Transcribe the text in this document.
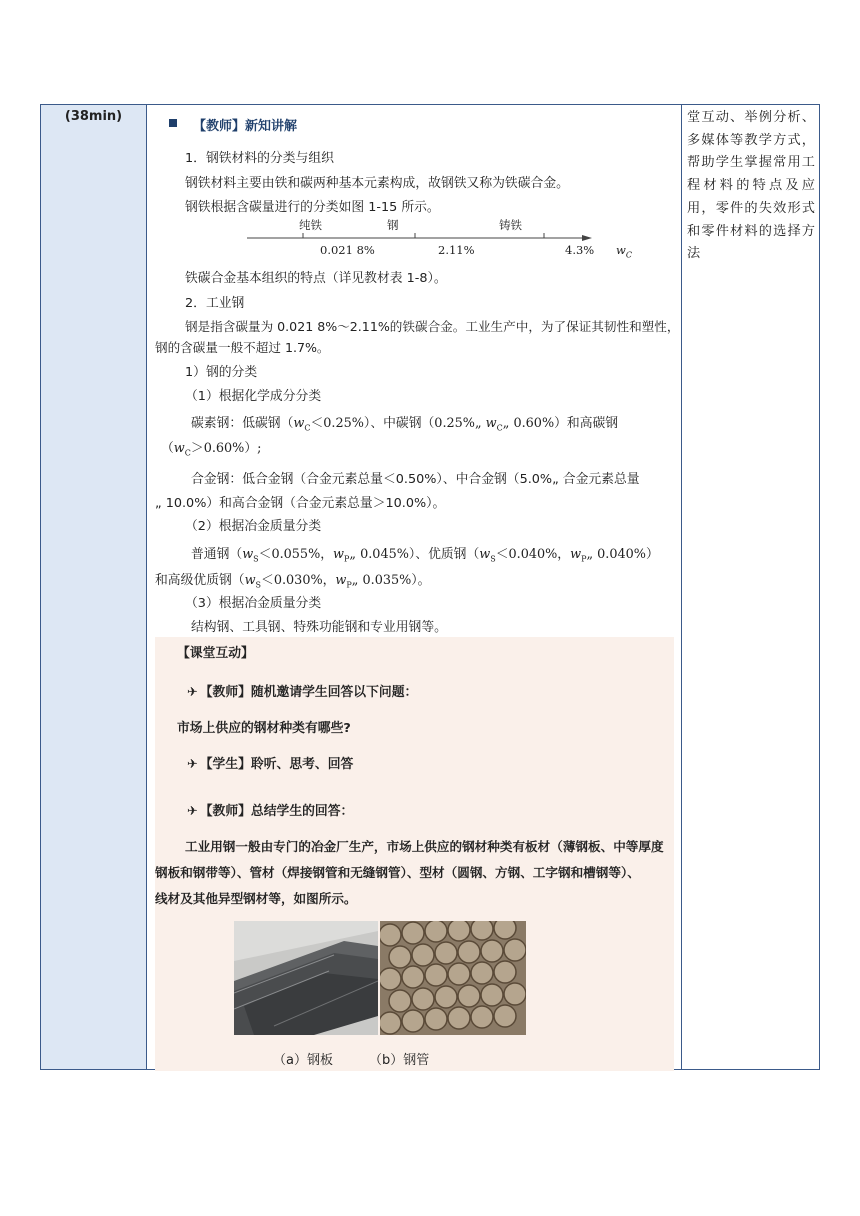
(38min)
【教师】新知讲解
1．钢铁材料的分类与组织
钢铁材料主要由铁和碳两种基本元素构成，故钢铁又称为铁碳合金。
钢铁根据含碳量进行的分类如图 1-15 所示。
纯铁	钢	铸铁
0.021 8%	2.11%	4.3% $w_C$
铁碳合金基本组织的特点（详见教材表 1-8）。
2．工业钢
钢是指含碳量为 0.021 8%～2.11%的铁碳合金。工业生产中，为了保证其韧性和塑性，
钢的含碳量一般不超过 1.7%。
1）钢的分类
（1）根据化学成分分类
碳素钢：低碳钢$(w_C<0.25\%)$、中碳钢（0.25%„ $w_C„$ 0.60%）和高碳钢
$(w_C>0.60\%)$;
合金钢：低合金钢（合金元素总量＜0.50%）、中合金钢（5.0%„ 合金元素总量
„ 10.0%）和高合金钢（合金元素总量＞10.0%）。
（2）根据冶金质量分类
普通钢（$w_S<0.055\%$，$w_P„$ 0.045%）、优质钢（$w_S<0.040\%$，$w_P„$ 0.040%）
和高级优质钢（$w_S<0.030\%$，$w_P„$ 0.035%）。
（3）根据冶金质量分类
结构钢、工具钢、特殊功能钢和专业用钢等。
【课堂互动】
✈ 【教师】随机邀请学生回答以下问题：
市场上供应的钢材种类有哪些?
✈ 【学生】聆听、思考、回答
✈ 【教师】总结学生的回答：
工业用钢一般由专门的冶金厂生产，市场上供应的钢材种类有板材（薄钢板、中等厚度
钢板和钢带等）、管材（焊接钢管和无缝钢管）、型材（圆钢、方钢、工字钢和槽钢等）、
线材及其他异型钢材等，如图所示。
（a）钢板	（b）钢管
堂互动、举例分析、多媒体等教学方式，帮助学生掌握常用工程材料的特点及应用，零件的失效形式和零件材料的选择方法
